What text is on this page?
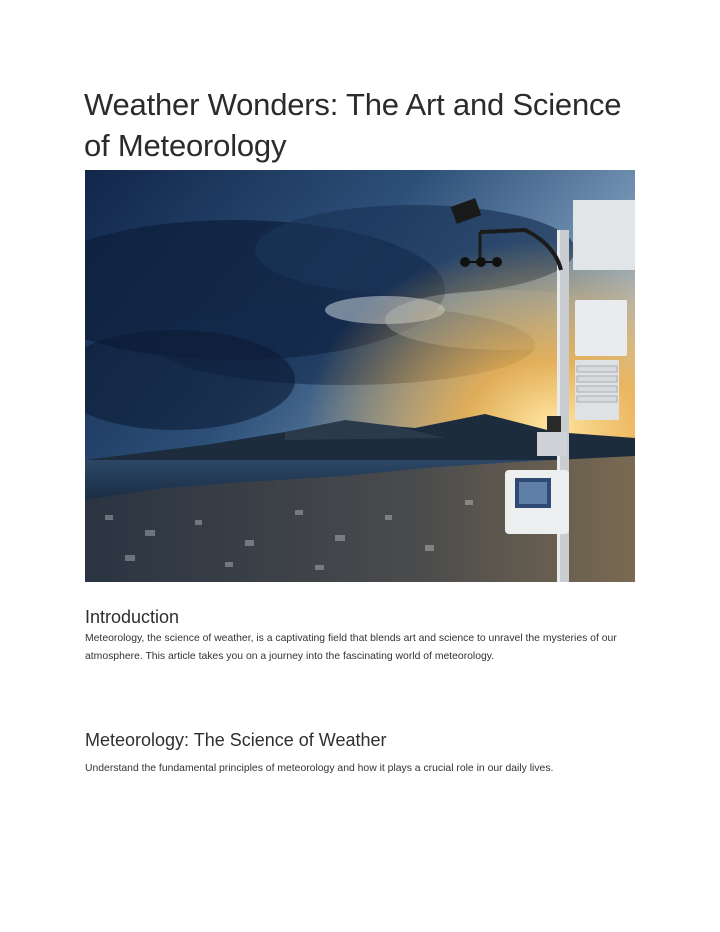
Weather Wonders: The Art and Science of Meteorology
Introduction

Meteorology, the science of weather, is a captivating field that blends art and science to unravel the mysteries of our atmosphere. This article takes you on a journey into the fascinating world of meteorology.

Meteorology: The Science of Weather

Understand the fundamental principles of meteorology and how it plays a crucial role in our daily lives.
